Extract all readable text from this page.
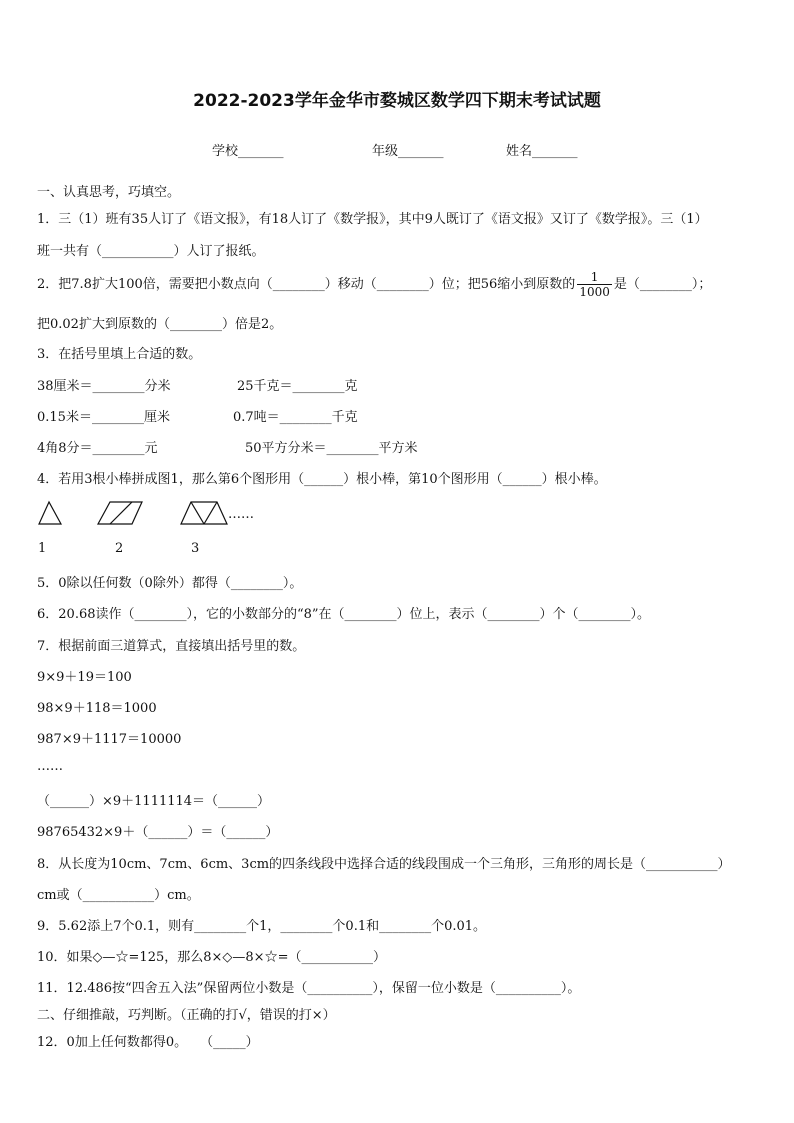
2022-2023学年金华市婺城区数学四下期末考试试题
学校_______	年级_______	姓名_______
一、认真思考，巧填空。
1．三（1）班有35人订了《语文报》，有18人订了《数学报》，其中9人既订了《语文报》又订了《数学报》。三（1）
班一共有（___________）人订了报纸。
2．把7.8扩大100倍，需要把小数点向（________）移动（________）位；把56缩小到原数的 $\frac{1}{1000}$ 是（________）；
把0.02扩大到原数的（________）倍是2。
3．在括号里填上合适的数。
38厘米＝________分米	25千克＝________克
0.15米＝________厘米	0.7吨＝________千克
4角8分＝________元	50平方分米＝________平方米
4．若用3根小棒拼成图1，那么第6个图形用（______）根小棒，第10个图形用（______）根小棒。
……
1	2	3
5．0除以任何数（0除外）都得（________）。
6．20.68读作（________），它的小数部分的“8”在（________）位上，表示（________）个（________）。
7．根据前面三道算式，直接填出括号里的数。
9×9＋19＝100
98×9＋118＝1000
987×9＋1117＝10000
……
（______）×9＋1111114＝（______）
98765432×9＋（______）＝（______）
8．从长度为10cm、7cm、6cm、3cm的四条线段中选择合适的线段围成一个三角形，三角形的周长是（___________）
cm或（___________）cm。
9．5.62添上7个0.1，则有________个1，________个0.1和________个0.01。
10．如果◇—☆=125，那么8×◇—8×☆=（___________）
11．12.486按“四舍五入法”保留两位小数是（__________），保留一位小数是（__________）。
二、仔细推敲，巧判断。（正确的打√，错误的打×）
12．0加上任何数都得0。　　（_____）
